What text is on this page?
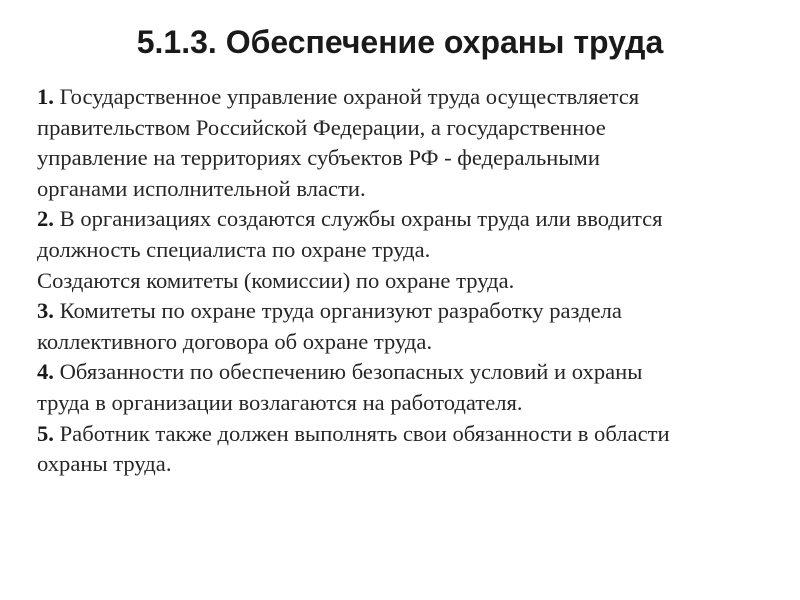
5.1.3. Обеспечение охраны труда
1. Государственное управление охраной труда осуществляется
правительством Российской Федерации, а государственное
управление на территориях субъектов РФ - федеральными
органами исполнительной власти.
2. В организациях создаются службы охраны труда или вводится
должность специалиста по охране труда.
Создаются комитеты (комиссии) по охране труда.
3. Комитеты по охране труда организуют разработку раздела
коллективного договора об охране труда.
4. Обязанности по обеспечению безопасных условий и охраны
труда в организации возлагаются на работодателя.
5. Работник также должен выполнять свои обязанности в области
охраны труда.
